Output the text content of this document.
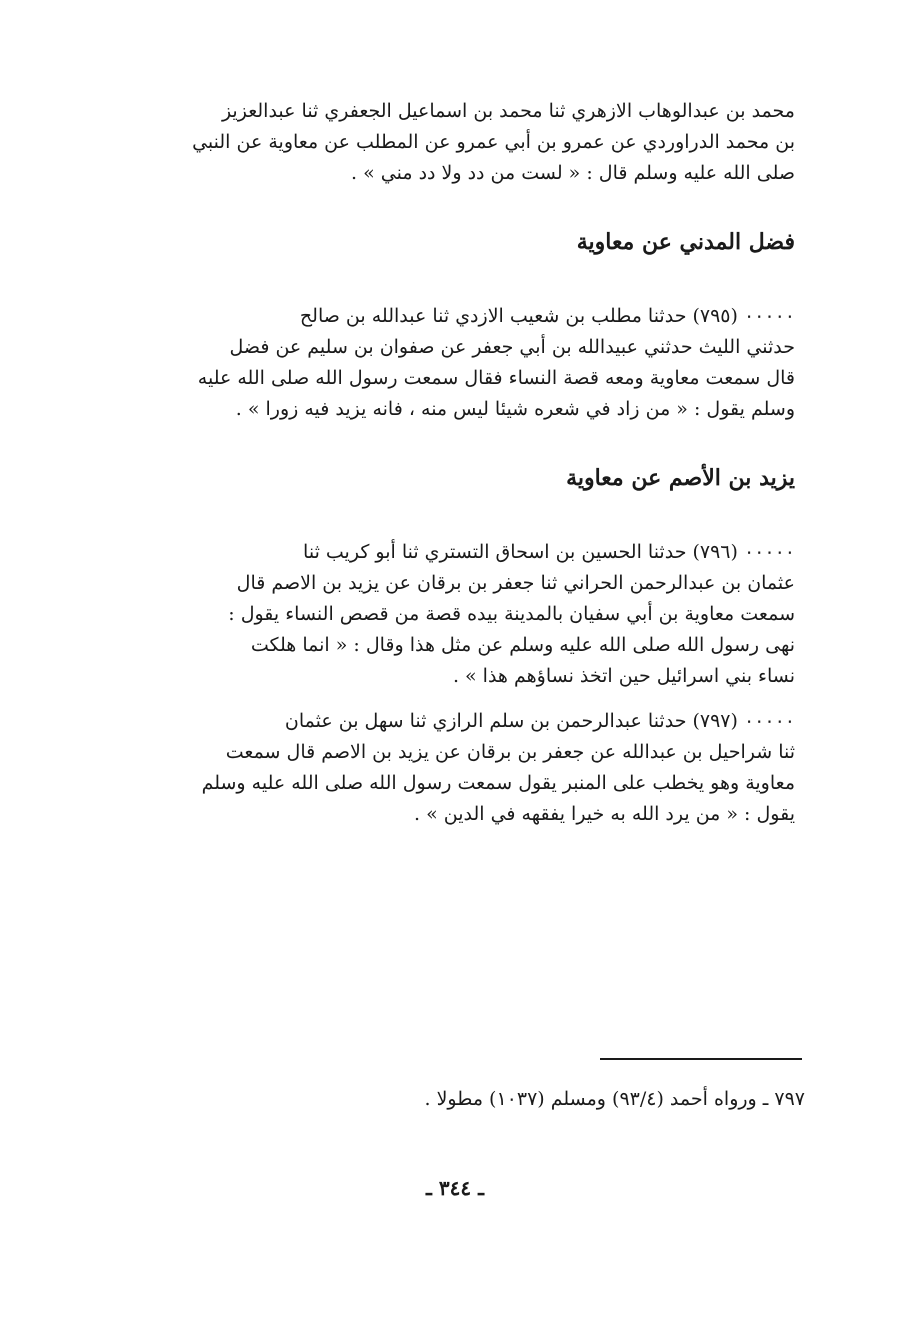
محمد بن عبدالوهاب الازهري ثنا محمد بن اسماعيل الجعفري ثنا عبدالعزيز
بن محمد الدراوردي عن عمرو بن أبي عمرو عن المطلب عن معاوية عن النبي
صلى الله عليه وسلم قال : « لست من دد ولا دد مني » .
فضل المدني عن معاوية
٠٠٠٠٠ (٧٩٥) حدثنا مطلب بن شعيب الازدي ثنا عبدالله بن صالح
حدثني الليث حدثني عبيدالله بن أبي جعفر عن صفوان بن سليم عن فضل
قال سمعت معاوية ومعه قصة النساء فقال سمعت رسول الله صلى الله عليه
وسلم يقول : « من زاد في شعره شيئا ليس منه ، فانه يزيد فيه زورا » .
يزيد بن الأصم عن معاوية
٠٠٠٠٠ (٧٩٦) حدثنا الحسين بن اسحاق التستري ثنا أبو كريب ثنا
عثمان بن عبدالرحمن الحراني ثنا جعفر بن برقان عن يزيد بن الاصم قال
سمعت معاوية بن أبي سفيان بالمدينة بيده قصة من قصص النساء يقول :
نهى رسول الله صلى الله عليه وسلم عن مثل هذا وقال : « انما هلكت
نساء بني اسرائيل حين اتخذ نساؤهم هذا » .
٠٠٠٠٠ (٧٩٧) حدثنا عبدالرحمن بن سلم الرازي ثنا سهل بن عثمان
ثنا شراحيل بن عبدالله عن جعفر بن برقان عن يزيد بن الاصم قال سمعت
معاوية وهو يخطب على المنبر يقول سمعت رسول الله صلى الله عليه وسلم
يقول : « من يرد الله به خيرا يفقهه في الدين » .
٧٩٧ ـ ورواه أحمد (٩٣/٤) ومسلم (١٠٣٧) مطولا .
ـ ٣٤٤ ـ
